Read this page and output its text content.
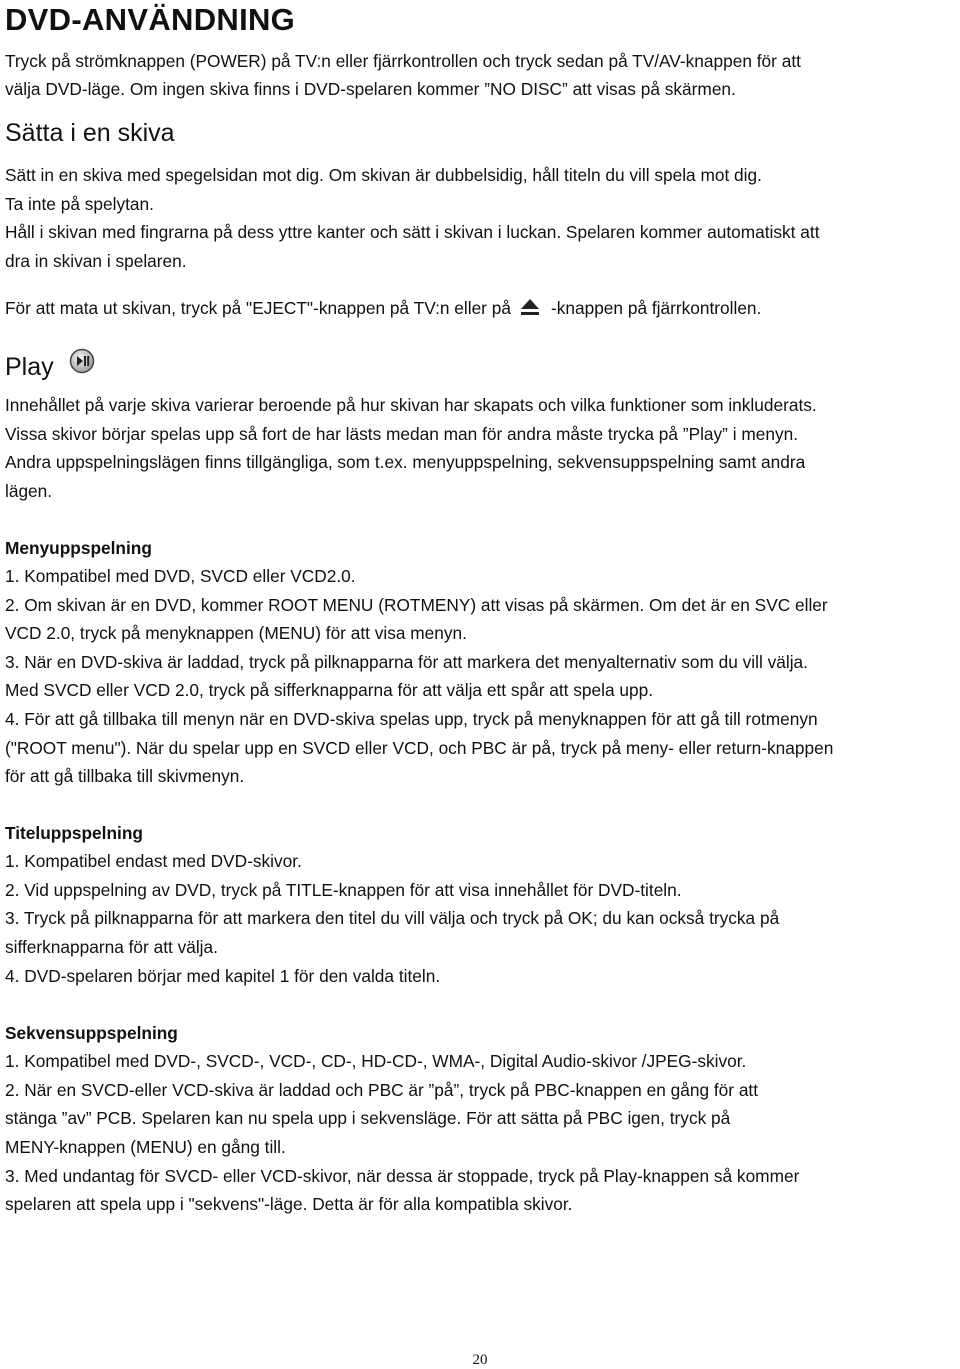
DVD-ANVÄNDNING
Tryck på strömknappen (POWER) på TV:n eller fjärrkontrollen och tryck sedan på TV/AV-knappen för att
välja DVD-läge. Om ingen skiva finns i DVD-spelaren kommer ”NO DISC” att visas på skärmen.
Sätta i en skiva
Sätt in en skiva med spegelsidan mot dig. Om skivan är dubbelsidig, håll titeln du vill spela mot dig.
Ta inte på spelytan.
Håll i skivan med fingrarna på dess yttre kanter och sätt i skivan i luckan. Spelaren kommer automatiskt att
dra in skivan i spelaren.
För att mata ut skivan, tryck på "EJECT"-knappen på TV:n eller på -knappen på fjärrkontrollen.
Play
Innehållet på varje skiva varierar beroende på hur skivan har skapats och vilka funktioner som inkluderats.
Vissa skivor börjar spelas upp så fort de har lästs medan man för andra måste trycka på ”Play” i menyn.
Andra uppspelningslägen finns tillgängliga, som t.ex. menyuppspelning, sekvensuppspelning samt andra
lägen.
Menyuppspelning
1. Kompatibel med DVD, SVCD eller VCD2.0.
2. Om skivan är en DVD, kommer ROOT MENU (ROTMENY) att visas på skärmen. Om det är en SVC eller
VCD 2.0, tryck på menyknappen (MENU) för att visa menyn.
3. När en DVD-skiva är laddad, tryck på pilknapparna för att markera det menyalternativ som du vill välja.
Med SVCD eller VCD 2.0, tryck på sifferknapparna för att välja ett spår att spela upp.
4. För att gå tillbaka till menyn när en DVD-skiva spelas upp, tryck på menyknappen för att gå till rotmenyn
("ROOT menu"). När du spelar upp en SVCD eller VCD, och PBC är på, tryck på meny- eller return-knappen
för att gå tillbaka till skivmenyn.
Titeluppspelning
1. Kompatibel endast med DVD-skivor.
2. Vid uppspelning av DVD, tryck på TITLE-knappen för att visa innehållet för DVD-titeln.
3. Tryck på pilknapparna för att markera den titel du vill välja och tryck på OK; du kan också trycka på
sifferknapparna för att välja.
4. DVD-spelaren börjar med kapitel 1 för den valda titeln.
Sekvensuppspelning
1. Kompatibel med DVD-, SVCD-, VCD-, CD-, HD-CD-, WMA-, Digital Audio-skivor /JPEG-skivor.
2. När en SVCD-eller VCD-skiva är laddad och PBC är ”på”, tryck på PBC-knappen en gång för att
stänga ”av” PCB. Spelaren kan nu spela upp i sekvensläge. För att sätta på PBC igen, tryck på
MENY-knappen (MENU) en gång till.
3. Med undantag för SVCD- eller VCD-skivor, när dessa är stoppade, tryck på Play-knappen så kommer
spelaren att spela upp i "sekvens"-läge. Detta är för alla kompatibla skivor.
20
